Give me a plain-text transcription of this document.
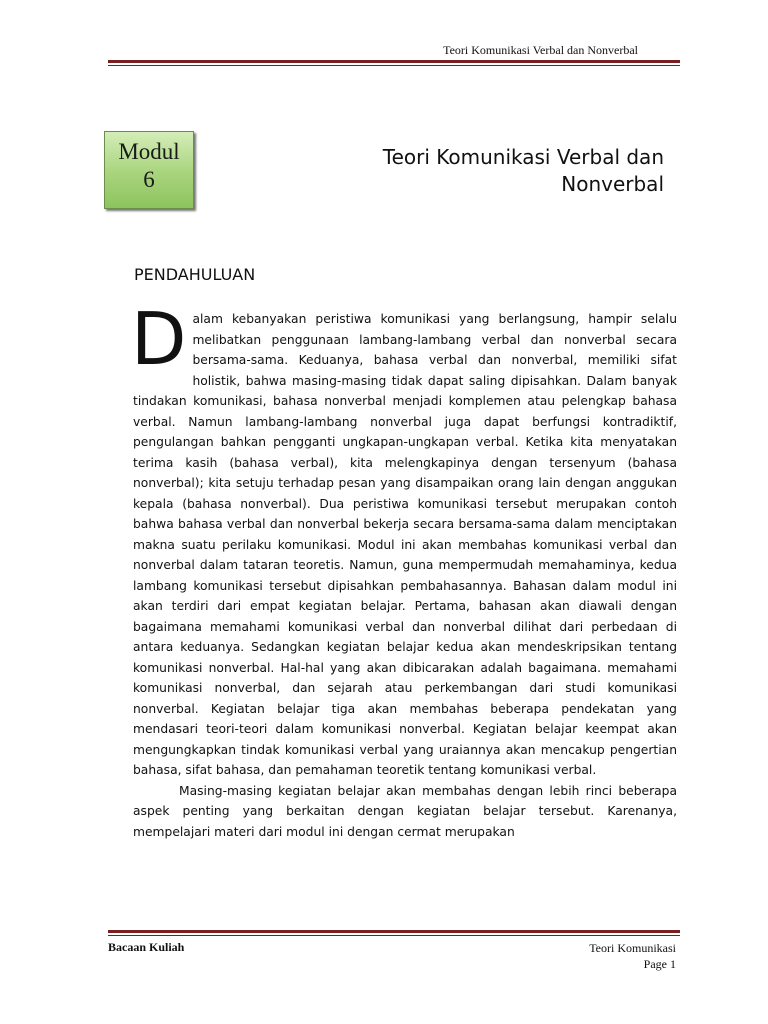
Teori Komunikasi Verbal dan Nonverbal
Modul
6
Teori Komunikasi Verbal dan
Nonverbal
PENDAHULUAN
D alam kebanyakan peristiwa komunikasi yang berlangsung, hampir selalu melibatkan penggunaan lambang-lambang verbal dan nonverbal secara bersama-sama. Keduanya, bahasa verbal dan nonverbal, memiliki sifat holistik, bahwa masing-masing tidak dapat saling dipisahkan. Dalam banyak tindakan komunikasi, bahasa nonverbal menjadi komplemen atau pelengkap bahasa verbal. Namun lambang-lambang nonverbal juga dapat berfungsi kontradiktif, pengulangan bahkan pengganti ungkapan-ungkapan verbal. Ketika kita menyatakan terima kasih (bahasa verbal), kita melengkapinya dengan tersenyum (bahasa nonverbal); kita setuju terhadap pesan yang disampaikan orang lain dengan anggukan kepala (bahasa nonverbal). Dua peristiwa komunikasi tersebut merupakan contoh bahwa bahasa verbal dan nonverbal bekerja secara bersama-sama dalam menciptakan makna suatu perilaku komunikasi. Modul ini akan membahas komunikasi verbal dan nonverbal dalam tataran teoretis. Namun, guna mempermudah memahaminya, kedua lambang komunikasi tersebut dipisahkan pembahasannya. Bahasan dalam modul ini akan terdiri dari empat kegiatan belajar. Pertama, bahasan akan diawali dengan bagaimana memahami komunikasi verbal dan nonverbal dilihat dari perbedaan di antara keduanya. Sedangkan kegiatan belajar kedua akan mendeskripsikan tentang komunikasi nonverbal. Hal-hal yang akan dibicarakan adalah bagaimana. memahami komunikasi nonverbal, dan sejarah atau perkembangan dari studi komunikasi nonverbal. Kegiatan belajar tiga akan membahas beberapa pendekatan yang mendasari teori-teori dalam komunikasi nonverbal. Kegiatan belajar keempat akan mengungkapkan tindak komunikasi verbal yang uraiannya akan mencakup pengertian bahasa, sifat bahasa, dan pemahaman teoretik tentang komunikasi verbal.

Masing-masing kegiatan belajar akan membahas dengan lebih rinci beberapa aspek penting yang berkaitan dengan kegiatan belajar tersebut. Karenanya, mempelajari materi dari modul ini dengan cermat merupakan

Bacaan Kuliah	Teori Komunikasi
Page 1
